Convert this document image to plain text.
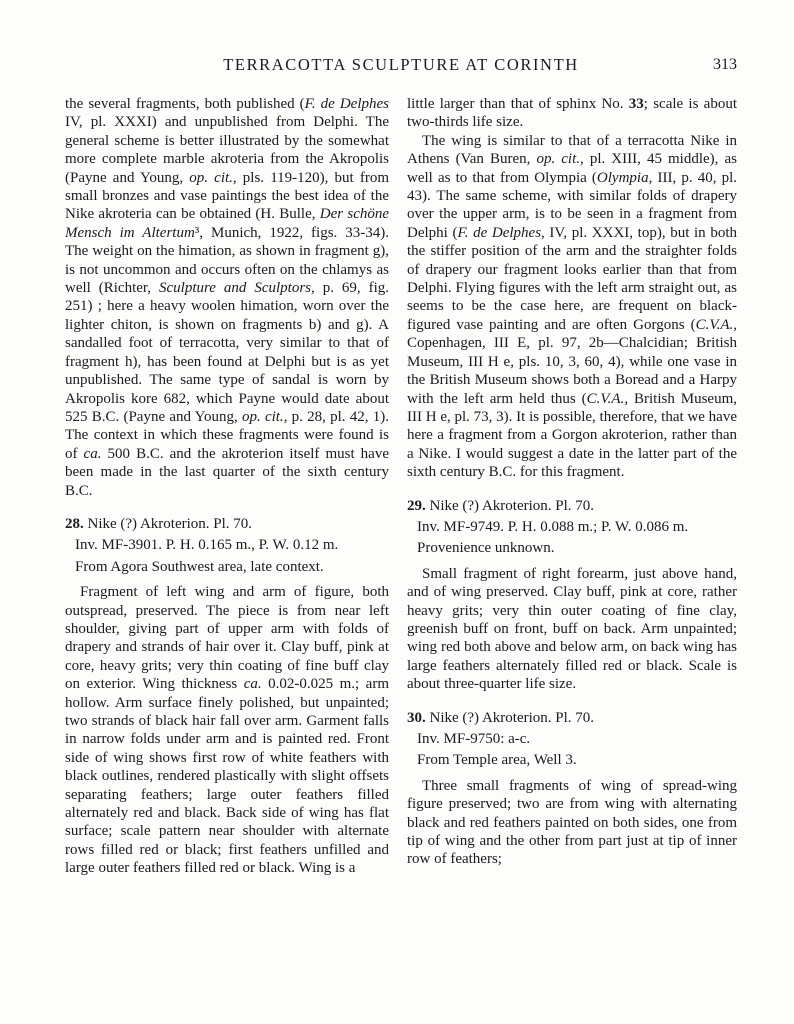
TERRACOTTA SCULPTURE AT CORINTH	313

the several fragments, both published (F. de Delphes IV, pl. XXXI) and unpublished from Delphi. The general scheme is better illustrated by the somewhat more complete marble akroteria from the Akropolis (Payne and Young, op. cit., pls. 119-120), but from small bronzes and vase paintings the best idea of the Nike akroteria can be obtained (H. Bulle, Der schöne Mensch im Altertum³, Munich, 1922, figs. 33-34). The weight on the himation, as shown in fragment g), is not uncommon and occurs often on the chlamys as well (Richter, Sculpture and Sculptors, p. 69, fig. 251) ; here a heavy woolen himation, worn over the lighter chiton, is shown on fragments b) and g). A sandalled foot of terracotta, very similar to that of fragment h), has been found at Delphi but is as yet unpublished. The same type of sandal is worn by Akropolis kore 682, which Payne would date about 525 B.C. (Payne and Young, op. cit., p. 28, pl. 42, 1). The context in which these fragments were found is of ca. 500 B.C. and the akroterion itself must have been made in the last quarter of the sixth century B.C.

28. Nike (?) Akroterion. Pl. 70.

Inv. MF-3901. P. H. 0.165 m., P. W. 0.12 m.

From Agora Southwest area, late context.

Fragment of left wing and arm of figure, both outspread, preserved. The piece is from near left shoulder, giving part of upper arm with folds of drapery and strands of hair over it. Clay buff, pink at core, heavy grits; very thin coating of fine buff clay on exterior. Wing thickness ca. 0.02-0.025 m.; arm hollow. Arm surface finely polished, but unpainted; two strands of black hair fall over arm. Garment falls in narrow folds under arm and is painted red. Front side of wing shows first row of white feathers with black outlines, rendered plastically with slight offsets separating feathers; large outer feathers filled alternately red and black. Back side of wing has flat surface; scale pattern near shoulder with alternate rows filled red or black; first feathers unfilled and large outer feathers filled red or black. Wing is a

little larger than that of sphinx No. 33; scale is about two-thirds life size.

The wing is similar to that of a terracotta Nike in Athens (Van Buren, op. cit., pl. XIII, 45 middle), as well as to that from Olympia (Olympia, III, p. 40, pl. 43). The same scheme, with similar folds of drapery over the upper arm, is to be seen in a fragment from Delphi (F. de Delphes, IV, pl. XXXI, top), but in both the stiffer position of the arm and the straighter folds of drapery our fragment looks earlier than that from Delphi. Flying figures with the left arm straight out, as seems to be the case here, are frequent on black-figured vase painting and are often Gorgons (C.V.A., Copenhagen, III E, pl. 97, 2b—Chalcidian; British Museum, III H e, pls. 10, 3, 60, 4), while one vase in the British Museum shows both a Boread and a Harpy with the left arm held thus (C.V.A., British Museum, III H e, pl. 73, 3). It is possible, therefore, that we have here a fragment from a Gorgon akroterion, rather than a Nike. I would suggest a date in the latter part of the sixth century B.C. for this fragment.

29. Nike (?) Akroterion. Pl. 70.

Inv. MF-9749. P. H. 0.088 m.; P. W. 0.086 m.

Provenience unknown.

Small fragment of right forearm, just above hand, and of wing preserved. Clay buff, pink at core, rather heavy grits; very thin outer coating of fine clay, greenish buff on front, buff on back. Arm unpainted; wing red both above and below arm, on back wing has large feathers alternately filled red or black. Scale is about three-quarter life size.

30. Nike (?) Akroterion. Pl. 70.

Inv. MF-9750: a-c.

From Temple area, Well 3.

Three small fragments of wing of spread-wing figure preserved; two are from wing with alternating black and red feathers painted on both sides, one from tip of wing and the other from part just at tip of inner row of feathers;
